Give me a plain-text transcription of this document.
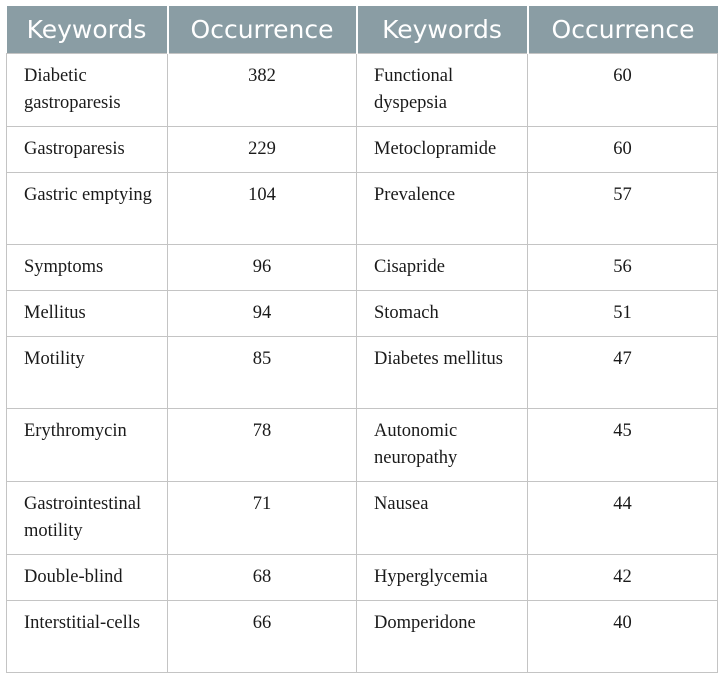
Keywords	Occurrence	Keywords	Occurrence
Diabetic gastroparesis	382	Functional dyspepsia	60
Gastroparesis	229	Metoclopramide	60
Gastric emptying	104	Prevalence	57
Symptoms	96	Cisapride	56
Mellitus	94	Stomach	51
Motility	85	Diabetes mellitus	47
Erythromycin	78	Autonomic neuropathy	45
Gastrointestinal motility	71	Nausea	44
Double-blind	68	Hyperglycemia	42
Interstitial-cells	66	Domperidone	40
